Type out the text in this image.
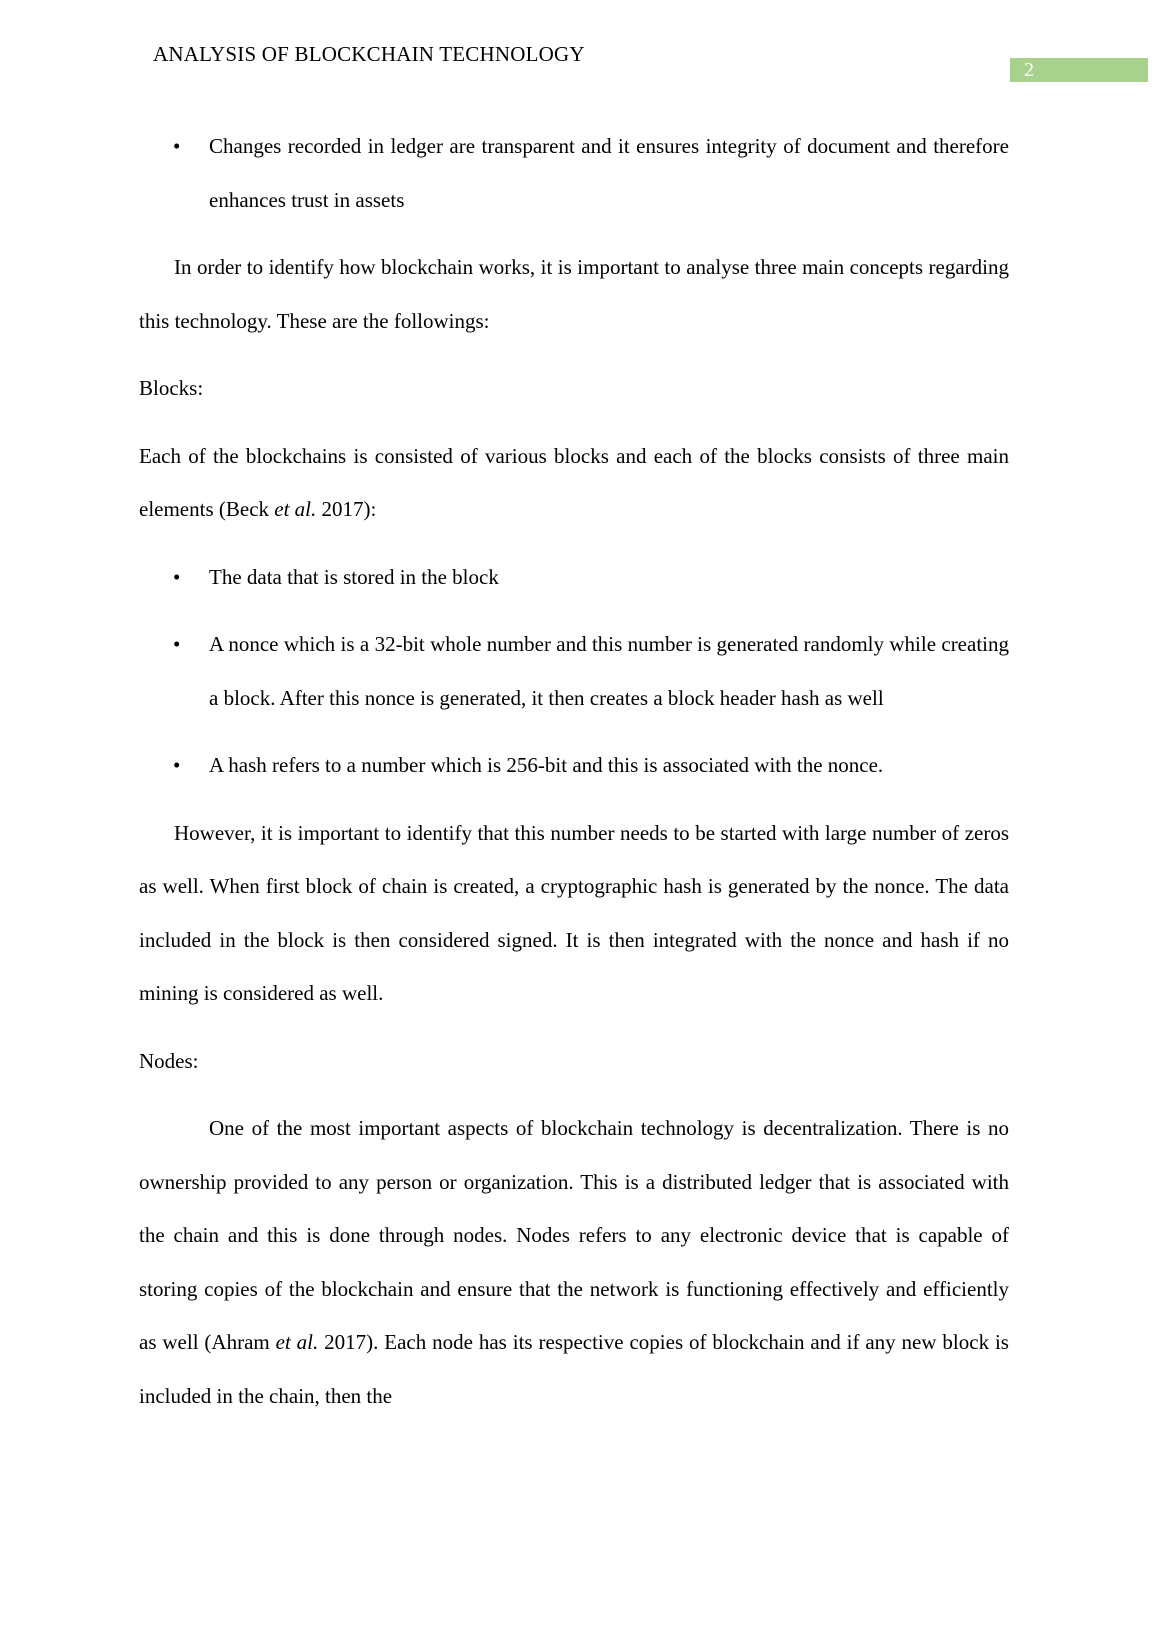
ANALYSIS OF BLOCKCHAIN TECHNOLOGY
2
• Changes recorded in ledger are transparent and it ensures integrity of document and therefore enhances trust in assets

In order to identify how blockchain works, it is important to analyse three main concepts regarding this technology. These are the followings:

Blocks:

Each of the blockchains is consisted of various blocks and each of the blocks consists of three main elements (Beck et al. 2017):

• The data that is stored in the block

• A nonce which is a 32-bit whole number and this number is generated randomly while creating a block. After this nonce is generated, it then creates a block header hash as well

• A hash refers to a number which is 256-bit and this is associated with the nonce.

However, it is important to identify that this number needs to be started with large number of zeros as well. When first block of chain is created, a cryptographic hash is generated by the nonce. The data included in the block is then considered signed. It is then integrated with the nonce and hash if no mining is considered as well.

Nodes:

One of the most important aspects of blockchain technology is decentralization. There is no ownership provided to any person or organization. This is a distributed ledger that is associated with the chain and this is done through nodes. Nodes refers to any electronic device that is capable of storing copies of the blockchain and ensure that the network is functioning effectively and efficiently as well (Ahram et al. 2017). Each node has its respective copies of blockchain and if any new block is included in the chain, then the
